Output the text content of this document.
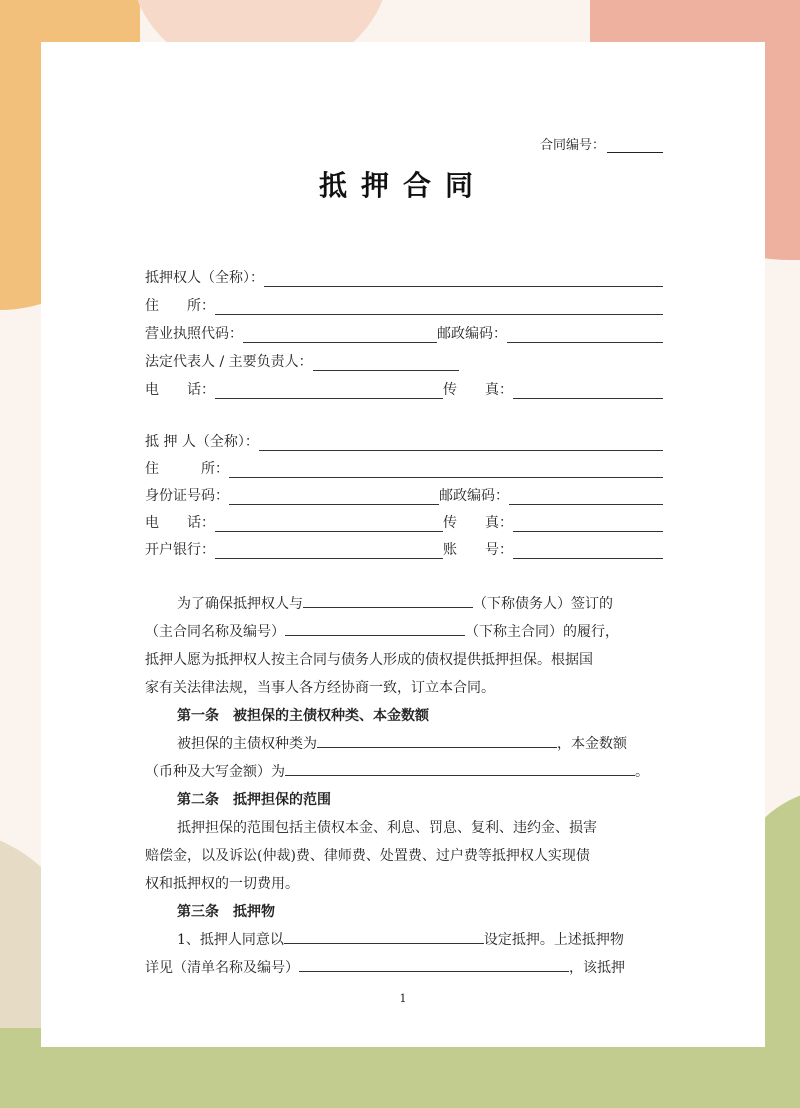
合同编号：
抵押合同
抵押权人（全称）：
住　　所：
营业执照代码：	邮政编码：
法定代表人 / 主要负责人：
电　　话：	传　　真：
抵 押 人（全称）：
住　　　所：
身份证号码：	邮政编码：
电　　话：	传　　真：
开户银行：	账　　号：
为了确保抵押权人与	（下称债务人）签订的
（主合同名称及编号）	（下称主合同）的履行，
抵押人愿为抵押权人按主合同与债务人形成的债权提供抵押担保。根据国
家有关法律法规，当事人各方经协商一致，订立本合同。
第一条　被担保的主债权种类、本金数额
被担保的主债权种类为	，本金数额
（币种及大写金额）为	。
第二条　抵押担保的范围
抵押担保的范围包括主债权本金、利息、罚息、复利、违约金、损害
赔偿金，以及诉讼(仲裁)费、律师费、处置费、过户费等抵押权人实现债
权和抵押权的一切费用。
第三条　抵押物
1、抵押人同意以	设定抵押。上述抵押物
详见（清单名称及编号）	，该抵押
1
